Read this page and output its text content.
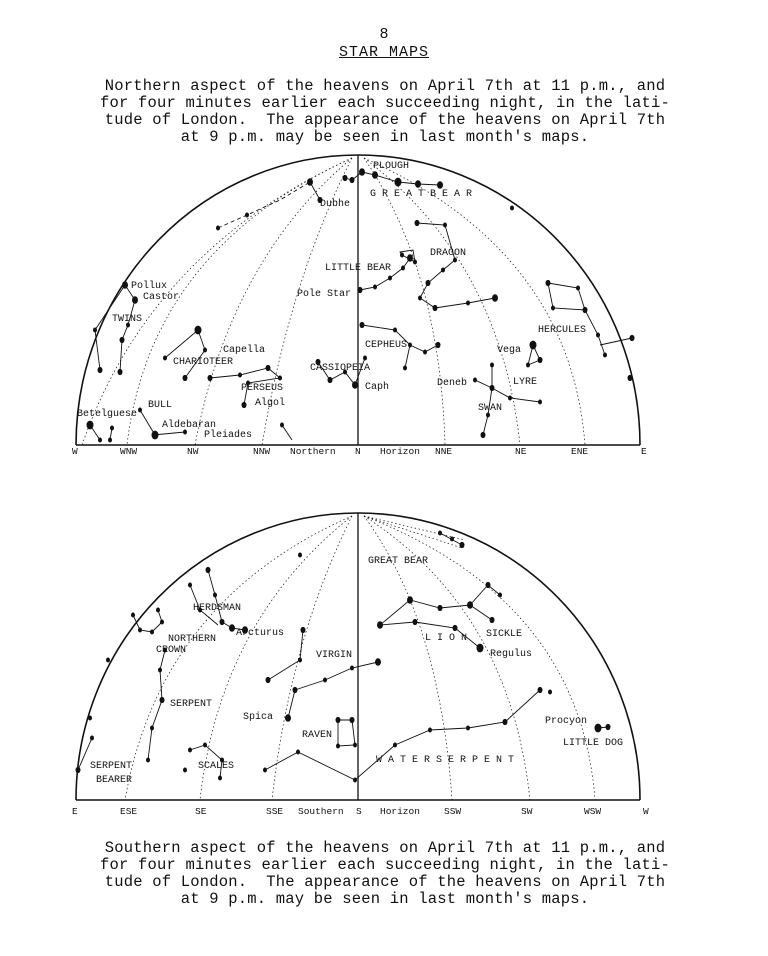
8
STAR MAPS
Northern aspect of the heavens on April 7th at 11 p.m., and
for four minutes earlier each succeeding night, in the lati-
tude of London.  The appearance of the heavens on April 7th
at 9 p.m. may be seen in last month's maps.
PLOUGH
G R E A T B E A R
Dubhe
DRAGON
LITTLE BEAR
Pole Star
Pollux
Castor
TWINS
Capella
CHARIOTEER
PERSEUS
Algol
CASSIOPEIA
Caph
CEPHEUS
HERCULES
Vega
LYRE
Deneb
SWAN
BULL
Betelguese
Aldebaran
Pleiades
W	WNW	NW	NNW Northern N Horizon NNE	NE	ENE	E
GREAT BEAR
HERDSMAN
Arcturus
NORTHERN
CROWN
L I O N SICKLE
Regulus
VIRGIN
SERPENT
Spica
RAVEN
W A T E R S E R P E N T
SERPENT
BEARER
SCALES
Procyon
LITTLE DOG
E	ESE	SE	SSE Southern S Horizon	SSW	SW	WSW	W
Southern aspect of the heavens on April 7th at 11 p.m., and
for four minutes earlier each succeeding night, in the lati-
tude of London.  The appearance of the heavens on April 7th
at 9 p.m. may be seen in last month's maps.
